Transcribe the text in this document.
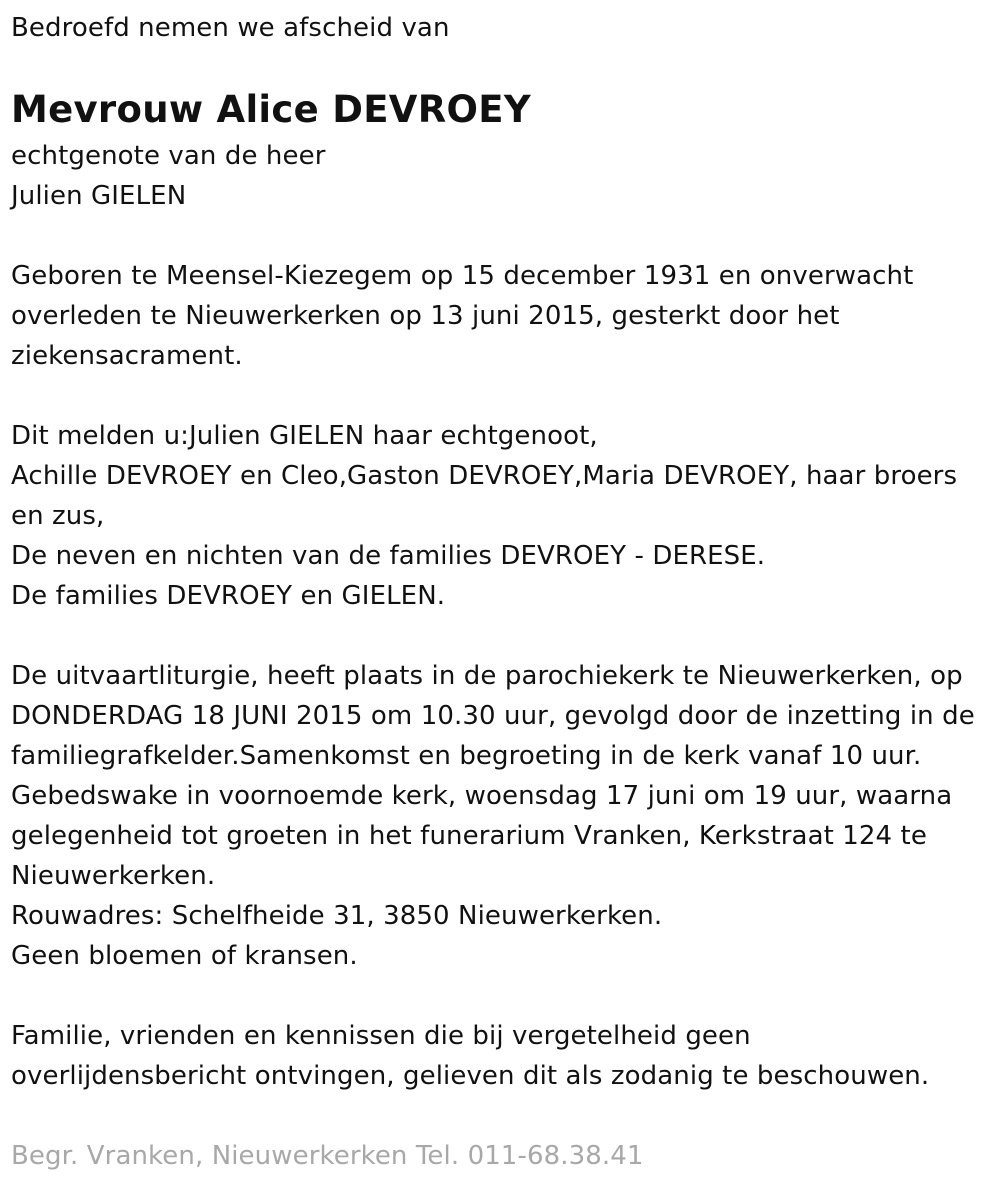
Bedroefd nemen we afscheid van
Mevrouw Alice DEVROEY
echtgenote van de heer
Julien GIELEN
Geboren te Meensel-Kiezegem op 15 december 1931 en onverwacht
overleden te Nieuwerkerken op 13 juni 2015, gesterkt door het
ziekensacrament.
Dit melden u:Julien GIELEN haar echtgenoot,
Achille DEVROEY en Cleo,Gaston DEVROEY,Maria DEVROEY, haar broers
en zus,
De neven en nichten van de families DEVROEY - DERESE.
De families DEVROEY en GIELEN.
De uitvaartliturgie, heeft plaats in de parochiekerk te Nieuwerkerken, op
DONDERDAG 18 JUNI 2015 om 10.30 uur, gevolgd door de inzetting in de
familiegrafkelder.Samenkomst en begroeting in de kerk vanaf 10 uur.
Gebedswake in voornoemde kerk, woensdag 17 juni om 19 uur, waarna
gelegenheid tot groeten in het funerarium Vranken, Kerkstraat 124 te
Nieuwerkerken.
Rouwadres: Schelfheide 31, 3850 Nieuwerkerken.
Geen bloemen of kransen.
Familie, vrienden en kennissen die bij vergetelheid geen
overlijdensbericht ontvingen, gelieven dit als zodanig te beschouwen.
Begr. Vranken, Nieuwerkerken Tel. 011-68.38.41
